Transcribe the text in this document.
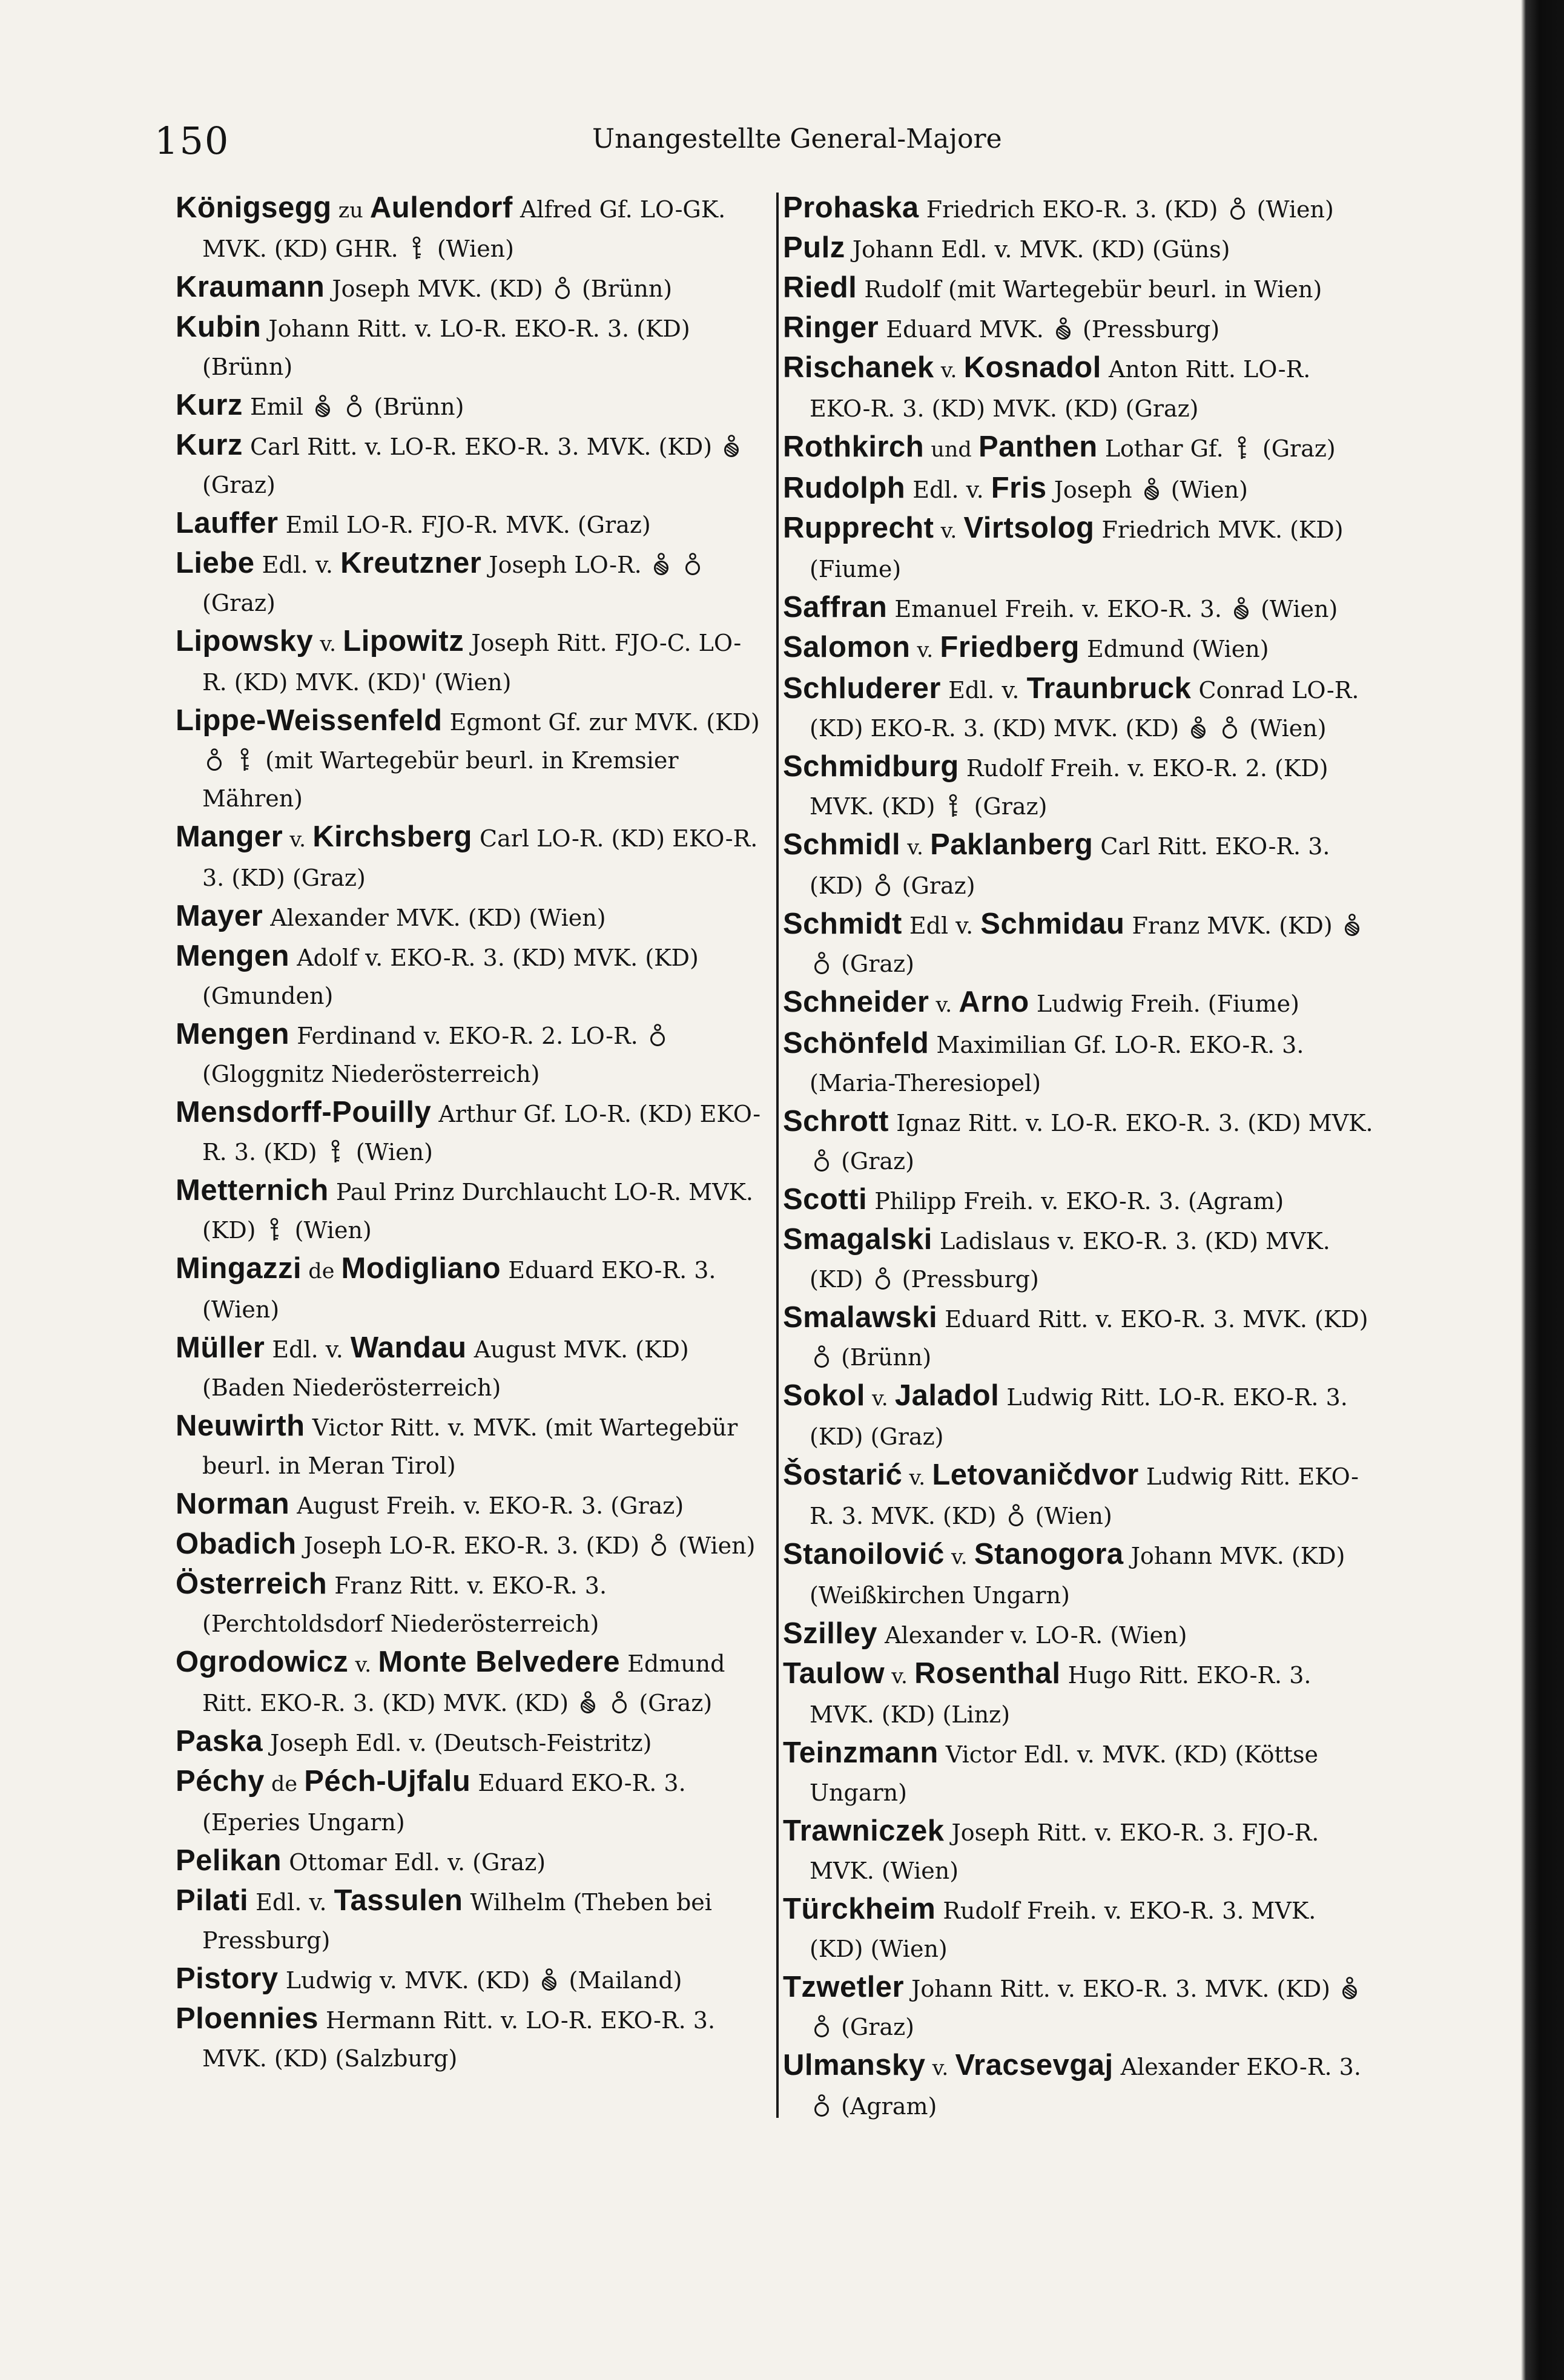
150	Unangestellte General-Majore

Königsegg zu Aulendorf Alfred Gf. LO-GK. MVK. (KD) GHR.
(Wien)

Kraumann Joseph MVK. (KD)
(Brünn)

Kubin Johann Ritt. v. LO-R. EKO-R. 3. (KD) (Brünn)

Kurz Emil

(Brünn)

Kurz Carl Ritt. v. LO-R. EKO-R. 3. MVK. (KD)
(Graz)

Lauffer Emil LO-R. FJO-R. MVK. (Graz)

Liebe Edl. v. Kreutzner Joseph LO-R.

(Graz)

Lipowsky v. Lipowitz Joseph Ritt. FJO-C. LO-R. (KD) MVK. (KD)' (Wien)

Lippe-Weissenfeld Egmont Gf. zur MVK. (KD)

(mit Wartegebür beurl. in Kremsier Mähren)

Manger v. Kirchsberg Carl LO-R. (KD) EKO-R. 3. (KD) (Graz)

Mayer Alexander MVK. (KD) (Wien)

Mengen Adolf v. EKO-R. 3. (KD) MVK. (KD) (Gmunden)

Mengen Ferdinand v. EKO-R. 2. LO-R.
(Gloggnitz Niederösterreich)

Mensdorff-Pouilly Arthur Gf. LO-R. (KD) EKO-R. 3. (KD)
(Wien)

Metternich Paul Prinz Durchlaucht LO-R. MVK. (KD)
(Wien)

Mingazzi de Modigliano Eduard EKO-R. 3. (Wien)

Müller Edl. v. Wandau August MVK. (KD) (Baden Niederösterreich)

Neuwirth Victor Ritt. v. MVK. (mit Wartegebür beurl. in Meran Tirol)

Norman August Freih. v. EKO-R. 3. (Graz)

Obadich Joseph LO-R. EKO-R. 3. (KD)
(Wien)

Österreich Franz Ritt. v. EKO-R. 3. (Perchtoldsdorf Niederösterreich)

Ogrodowicz v. Monte Belvedere Edmund Ritt. EKO-R. 3. (KD) MVK. (KD)

(Graz)

Paska Joseph Edl. v. (Deutsch-Feistritz)

Péchy de Péch-Ujfalu Eduard EKO-R. 3. (Eperies Ungarn)

Pelikan Ottomar Edl. v. (Graz)

Pilati Edl. v. Tassulen Wilhelm (Theben bei Pressburg)

Pistory Ludwig v. MVK. (KD)
(Mailand)

Ploennies Hermann Ritt. v. LO-R. EKO-R. 3. MVK. (KD) (Salzburg)

Prohaska Friedrich EKO-R. 3. (KD)
(Wien)

Pulz Johann Edl. v. MVK. (KD) (Güns)

Riedl Rudolf (mit Wartegebür beurl. in Wien)

Ringer Eduard MVK.
(Pressburg)

Rischanek v. Kosnadol Anton Ritt. LO-R. EKO-R. 3. (KD) MVK. (KD) (Graz)

Rothkirch und Panthen Lothar Gf.
(Graz)

Rudolph Edl. v. Fris Joseph
(Wien)

Rupprecht v. Virtsolog Friedrich MVK. (KD) (Fiume)

Saffran Emanuel Freih. v. EKO-R. 3.
(Wien)

Salomon v. Friedberg Edmund (Wien)

Schluderer Edl. v. Traunbruck Conrad LO-R. (KD) EKO-R. 3. (KD) MVK. (KD)

(Wien)

Schmidburg Rudolf Freih. v. EKO-R. 2. (KD) MVK. (KD)
(Graz)

Schmidl v. Paklanberg Carl Ritt. EKO-R. 3. (KD)
(Graz)

Schmidt Edl v. Schmidau Franz MVK. (KD)

(Graz)

Schneider v. Arno Ludwig Freih. (Fiume)

Schönfeld Maximilian Gf. LO-R. EKO-R. 3. (Maria-Theresiopel)

Schrott Ignaz Ritt. v. LO-R. EKO-R. 3. (KD) MVK.
(Graz)

Scotti Philipp Freih. v. EKO-R. 3. (Agram)

Smagalski Ladislaus v. EKO-R. 3. (KD) MVK. (KD)
(Pressburg)

Smalawski Eduard Ritt. v. EKO-R. 3. MVK. (KD)
(Brünn)

Sokol v. Jaladol Ludwig Ritt. LO-R. EKO-R. 3. (KD) (Graz)

Šostarić v. Letovaničdvor Ludwig Ritt. EKO-R. 3. MVK. (KD)
(Wien)

Stanoilović v. Stanogora Johann MVK. (KD) (Weißkirchen Ungarn)

Szilley Alexander v. LO-R. (Wien)

Taulow v. Rosenthal Hugo Ritt. EKO-R. 3. MVK. (KD) (Linz)

Teinzmann Victor Edl. v. MVK. (KD) (Köttse Ungarn)

Trawniczek Joseph Ritt. v. EKO-R. 3. FJO-R. MVK. (Wien)

Türckheim Rudolf Freih. v. EKO-R. 3. MVK. (KD) (Wien)

Tzwetler Johann Ritt. v. EKO-R. 3. MVK. (KD)

(Graz)

Ulmansky v. Vracsevgaj Alexander EKO-R. 3.
(Agram)
